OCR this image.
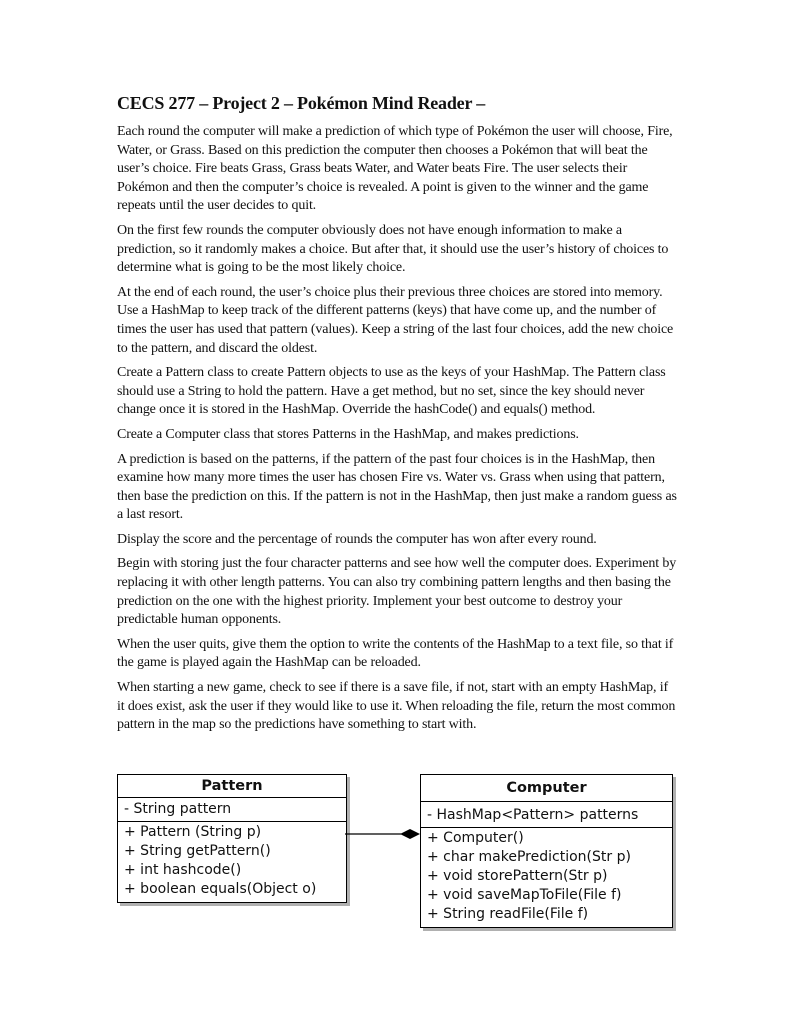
CECS 277 – Project 2 – Pokémon Mind Reader –

Each round the computer will make a prediction of which type of Pokémon the user will choose, Fire, Water, or Grass. Based on this prediction the computer then chooses a Pokémon that will beat the user’s choice. Fire beats Grass, Grass beats Water, and Water beats Fire. The user selects their Pokémon and then the computer’s choice is revealed. A point is given to the winner and the game repeats until the user decides to quit.

On the first few rounds the computer obviously does not have enough information to make a prediction, so it randomly makes a choice. But after that, it should use the user’s history of choices to determine what is going to be the most likely choice.

At the end of each round, the user’s choice plus their previous three choices are stored into memory. Use a HashMap to keep track of the different patterns (keys) that have come up, and the number of times the user has used that pattern (values). Keep a string of the last four choices, add the new choice to the pattern, and discard the oldest.

Create a Pattern class to create Pattern objects to use as the keys of your HashMap. The Pattern class should use a String to hold the pattern. Have a get method, but no set, since the key should never change once it is stored in the HashMap. Override the hashCode() and equals() method.

Create a Computer class that stores Patterns in the HashMap, and makes predictions.

A prediction is based on the patterns, if the pattern of the past four choices is in the HashMap, then examine how many more times the user has chosen Fire vs. Water vs. Grass when using that pattern, then base the prediction on this. If the pattern is not in the HashMap, then just make a random guess as a last resort.

Display the score and the percentage of rounds the computer has won after every round.

Begin with storing just the four character patterns and see how well the computer does. Experiment by replacing it with other length patterns. You can also try combining pattern lengths and then basing the prediction on the one with the highest priority. Implement your best outcome to destroy your predictable human opponents.

When the user quits, give them the option to write the contents of the HashMap to a text file, so that if the game is played again the HashMap can be reloaded.

When starting a new game, check to see if there is a save file, if not, start with an empty HashMap, if it does exist, ask the user if they would like to use it. When reloading the file, return the most common pattern in the map so the predictions have something to start with.

Pattern
- String pattern
+ Pattern (String p)
+ String getPattern()
+ int hashcode()
+ boolean equals(Object o)
Computer
- HashMap<Pattern> patterns
+ Computer()
+ char makePrediction(Str p)
+ void storePattern(Str p)
+ void saveMapToFile(File f)
+ String readFile(File f)
